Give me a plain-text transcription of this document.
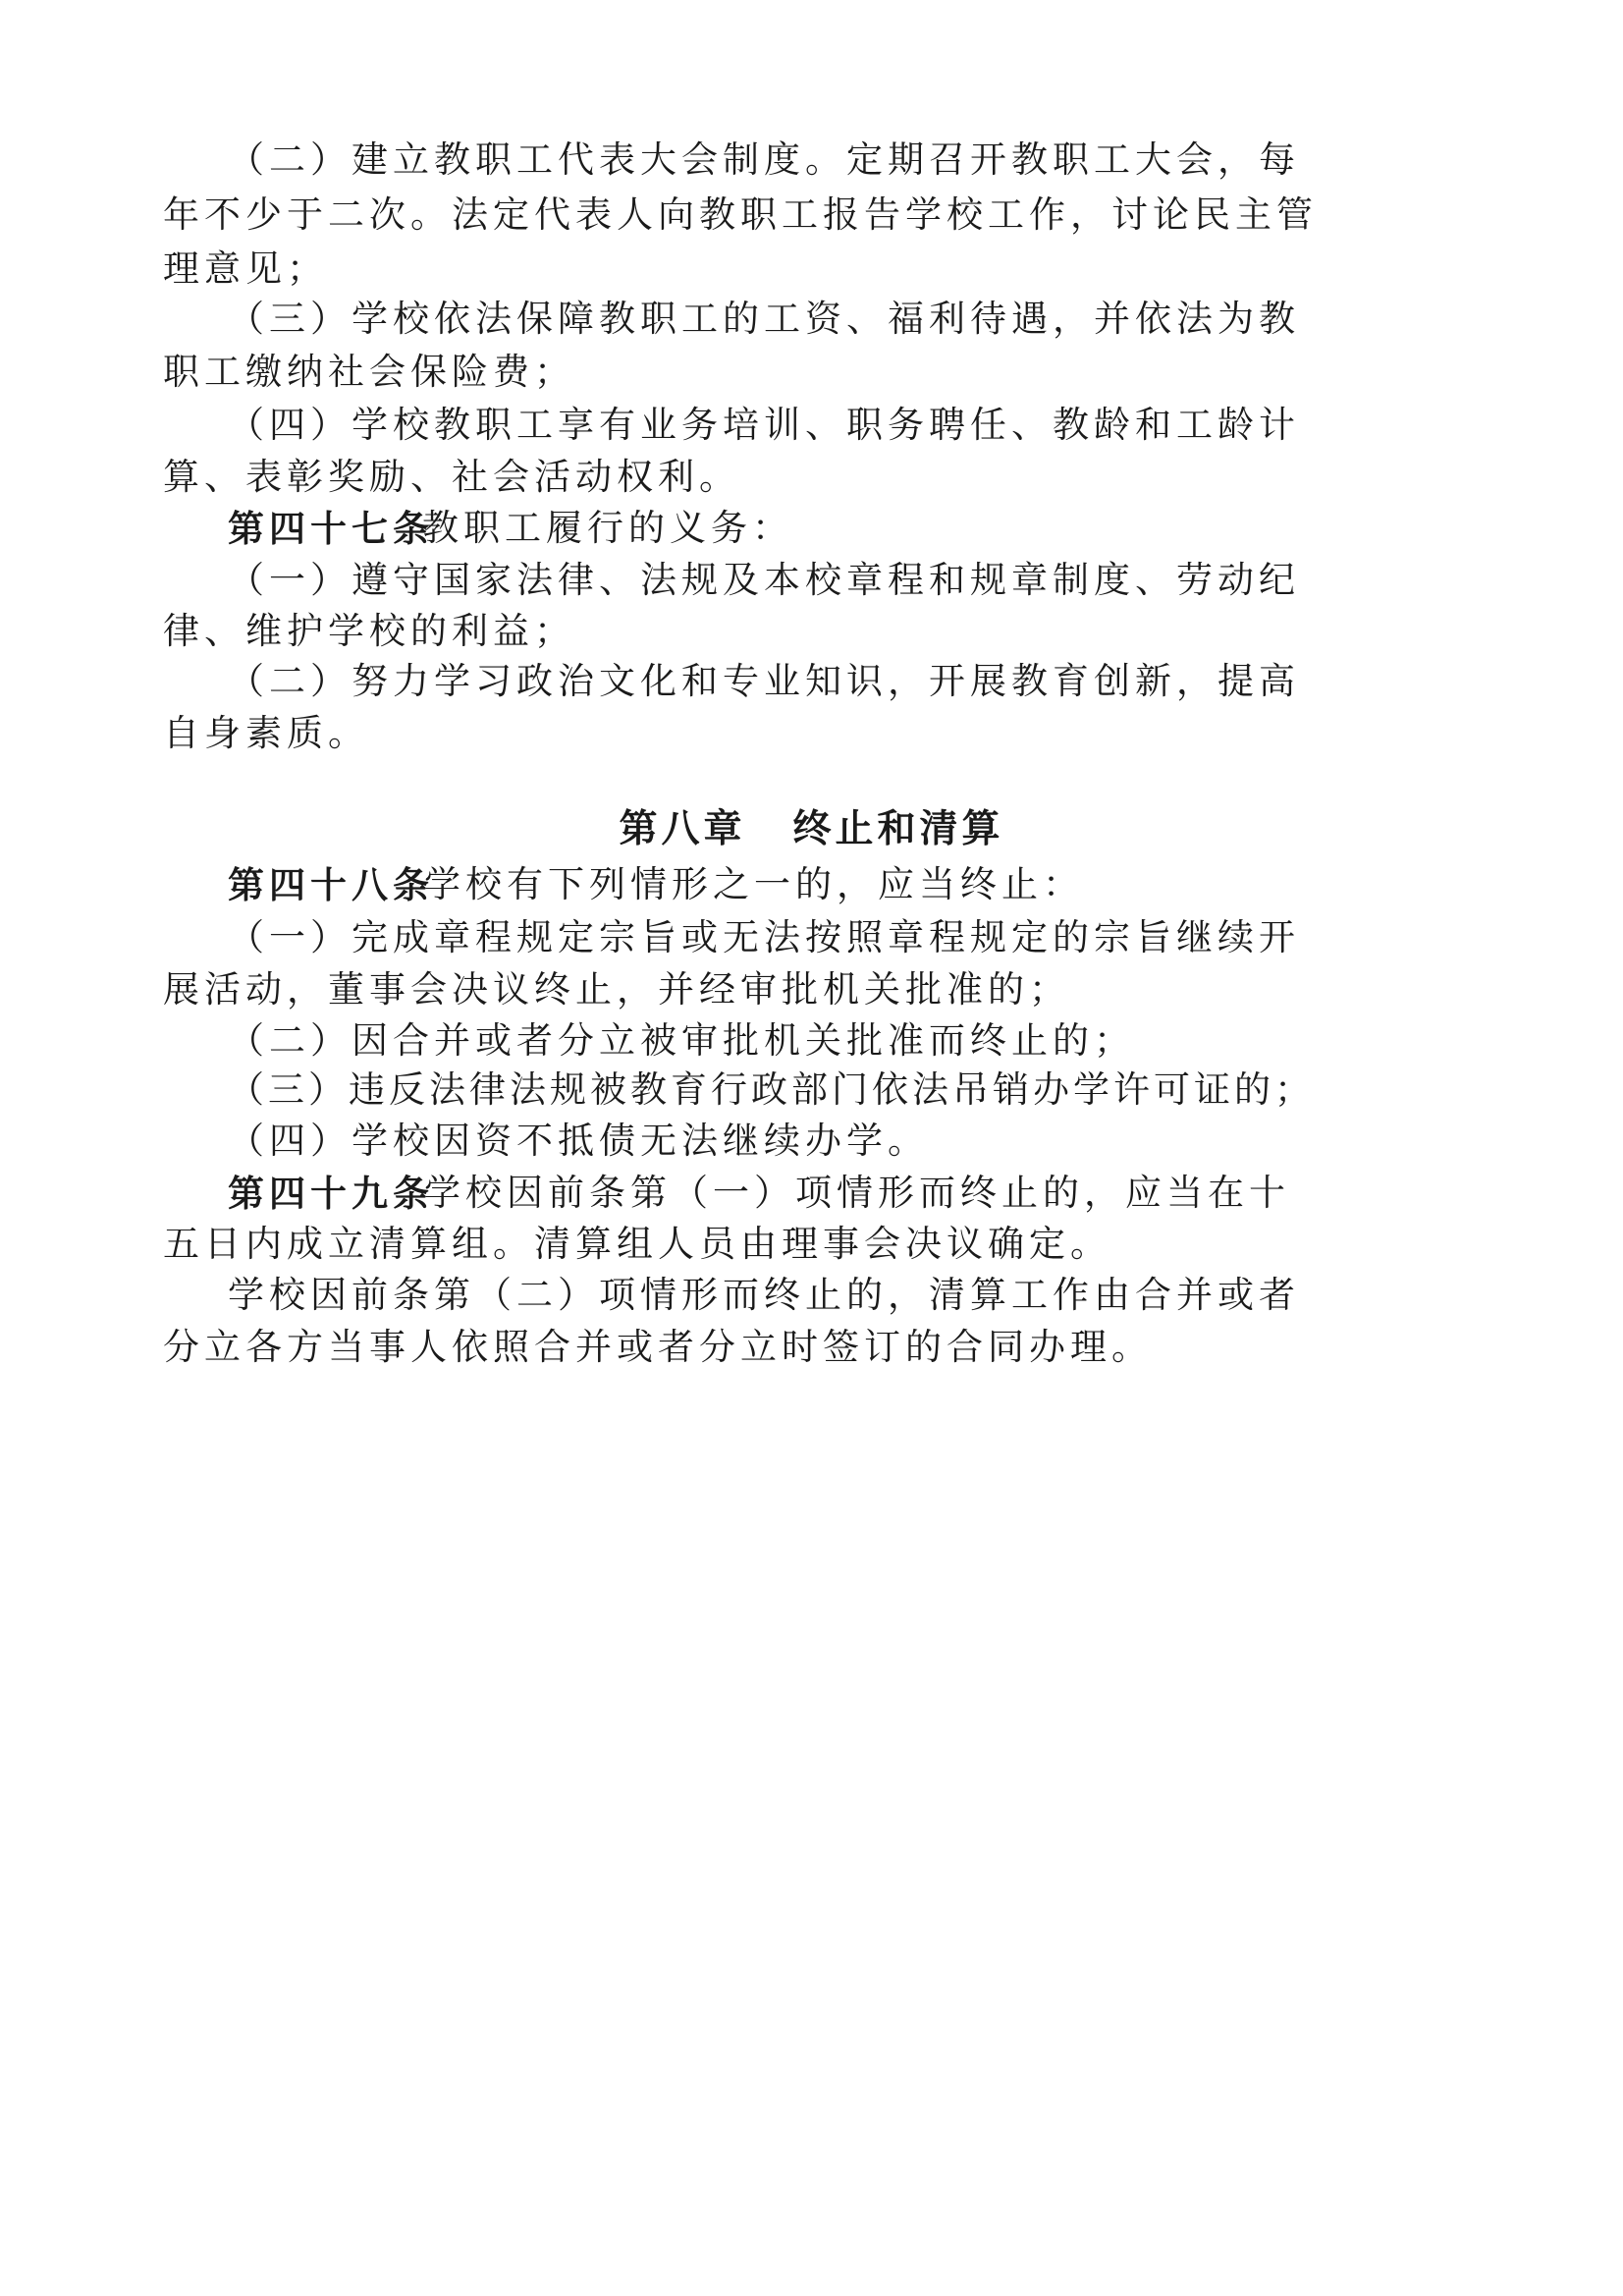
（二）建立教职工代表大会制度。定期召开教职工大会，每
年不少于二次。法定代表人向教职工报告学校工作，讨论民主管
理意见；
（三）学校依法保障教职工的工资、福利待遇，并依法为教
职工缴纳社会保险费；
（四）学校教职工享有业务培训、职务聘任、教龄和工龄计
算、表彰奖励、社会活动权利。
第四十七条
教职工履行的义务：
（一）遵守国家法律、法规及本校章程和规章制度、劳动纪
律、维护学校的利益；
（二）努力学习政治文化和专业知识，开展教育创新，提高
自身素质。
第八章 终止和清算
第四十八条
学校有下列情形之一的，应当终止：
（一）完成章程规定宗旨或无法按照章程规定的宗旨继续开
展活动，董事会决议终止，并经审批机关批准的；
（二）因合并或者分立被审批机关批准而终止的；
（三）违反法律法规被教育行政部门依法吊销办学许可证的；
（四）学校因资不抵债无法继续办学。
第四十九条
学校因前条第（一）项情形而终止的，应当在十
五日内成立清算组。清算组人员由理事会决议确定。
学校因前条第（二）项情形而终止的，清算工作由合并或者
分立各方当事人依照合并或者分立时签订的合同办理。
